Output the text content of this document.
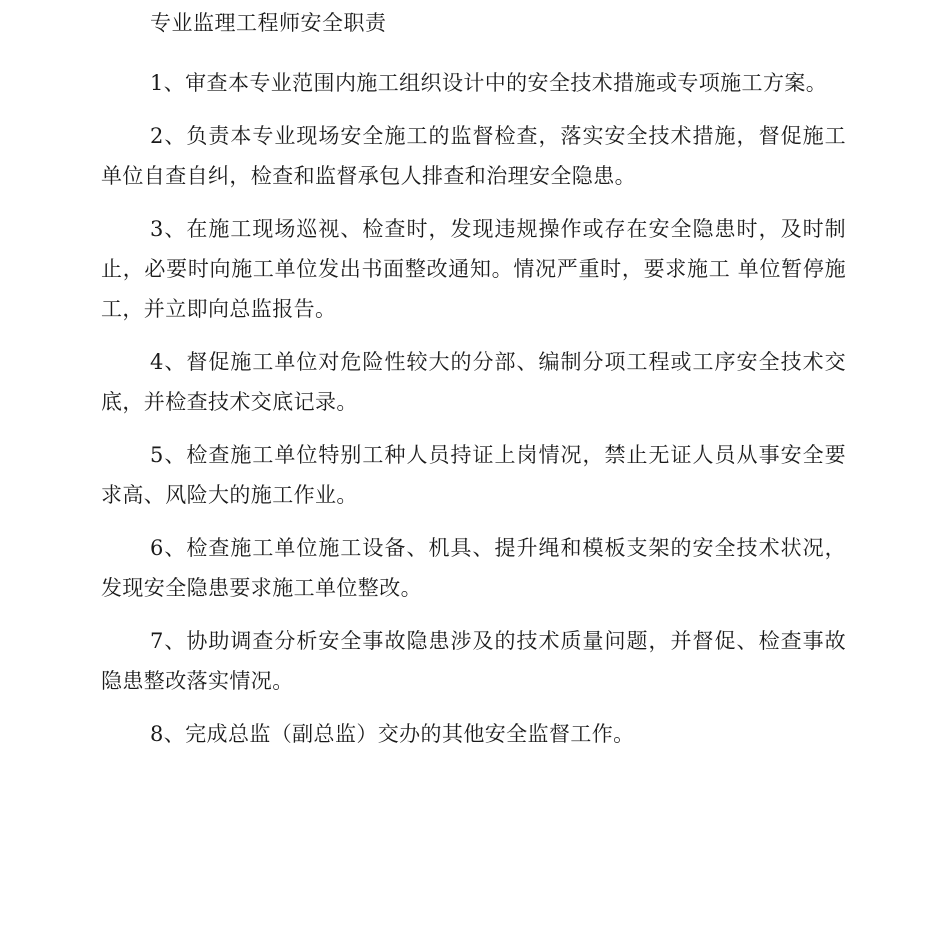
专业监理工程师安全职责

1、审查本专业范围内施工组织设计中的安全技术措施或专项施工方案。

2、负责本专业现场安全施工的监督检查，落实安全技术措施，督促施工单位自查自纠，检查和监督承包人排查和治理安全隐患。

3、在施工现场巡视、检查时，发现违规操作或存在安全隐患时，及时制止，必要时向施工单位发出书面整改通知。情况严重时，要求施工 单位暂停施工，并立即向总监报告。

4、督促施工单位对危险性较大的分部、编制分项工程或工序安全技术交底，并检查技术交底记录。

5、检查施工单位特别工种人员持证上岗情况，禁止无证人员从事安全要求高、风险大的施工作业。

6、检查施工单位施工设备、机具、提升绳和模板支架的安全技术状况，发现安全隐患要求施工单位整改。

7、协助调查分析安全事故隐患涉及的技术质量问题，并督促、检查事故隐患整改落实情况。

8、完成总监（副总监）交办的其他安全监督工作。
